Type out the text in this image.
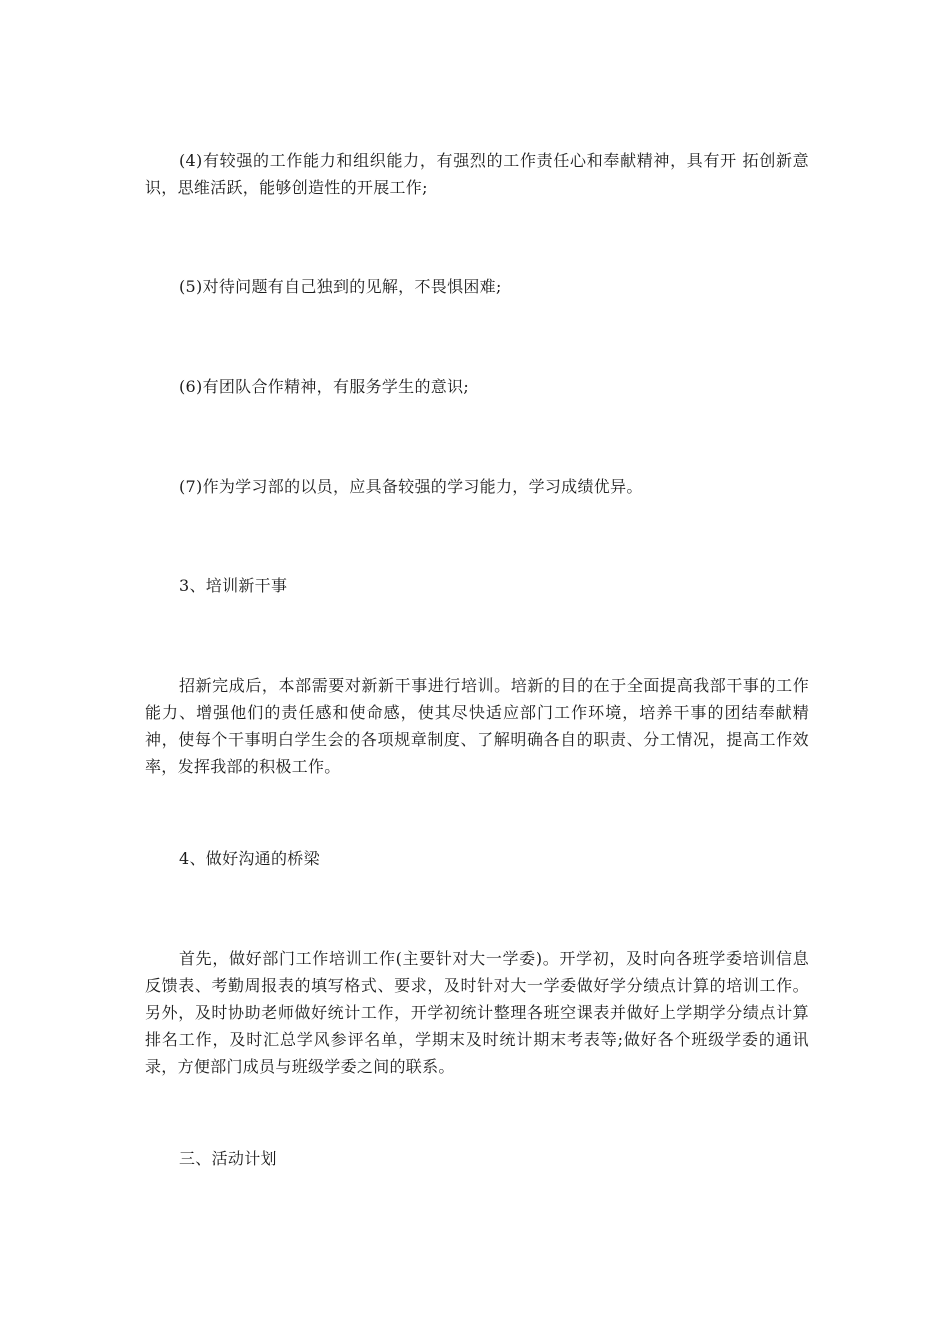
(4)有较强的工作能力和组织能力，有强烈的工作责任心和奉献精神，具有开 拓创新意识，思维活跃，能够创造性的开展工作;

(5)对待问题有自己独到的见解，不畏惧困难;

(6)有团队合作精神，有服务学生的意识;

(7)作为学习部的以员，应具备较强的学习能力，学习成绩优异。

3、培训新干事

招新完成后，本部需要对新新干事进行培训。培新的目的在于全面提高我部干事的工作能力、增强他们的责任感和使命感，使其尽快适应部门工作环境，培养干事的团结奉献精神，使每个干事明白学生会的各项规章制度、了解明确各自的职责、分工情况，提高工作效率，发挥我部的积极工作。

4、做好沟通的桥梁

首先，做好部门工作培训工作(主要针对大一学委)。开学初，及时向各班学委培训信息反馈表、考勤周报表的填写格式、要求，及时针对大一学委做好学分绩点计算的培训工作。另外，及时协助老师做好统计工作，开学初统计整理各班空课表并做好上学期学分绩点计算排名工作，及时汇总学风参评名单，学期末及时统计期末考表等;做好各个班级学委的通讯录，方便部门成员与班级学委之间的联系。

三、活动计划
